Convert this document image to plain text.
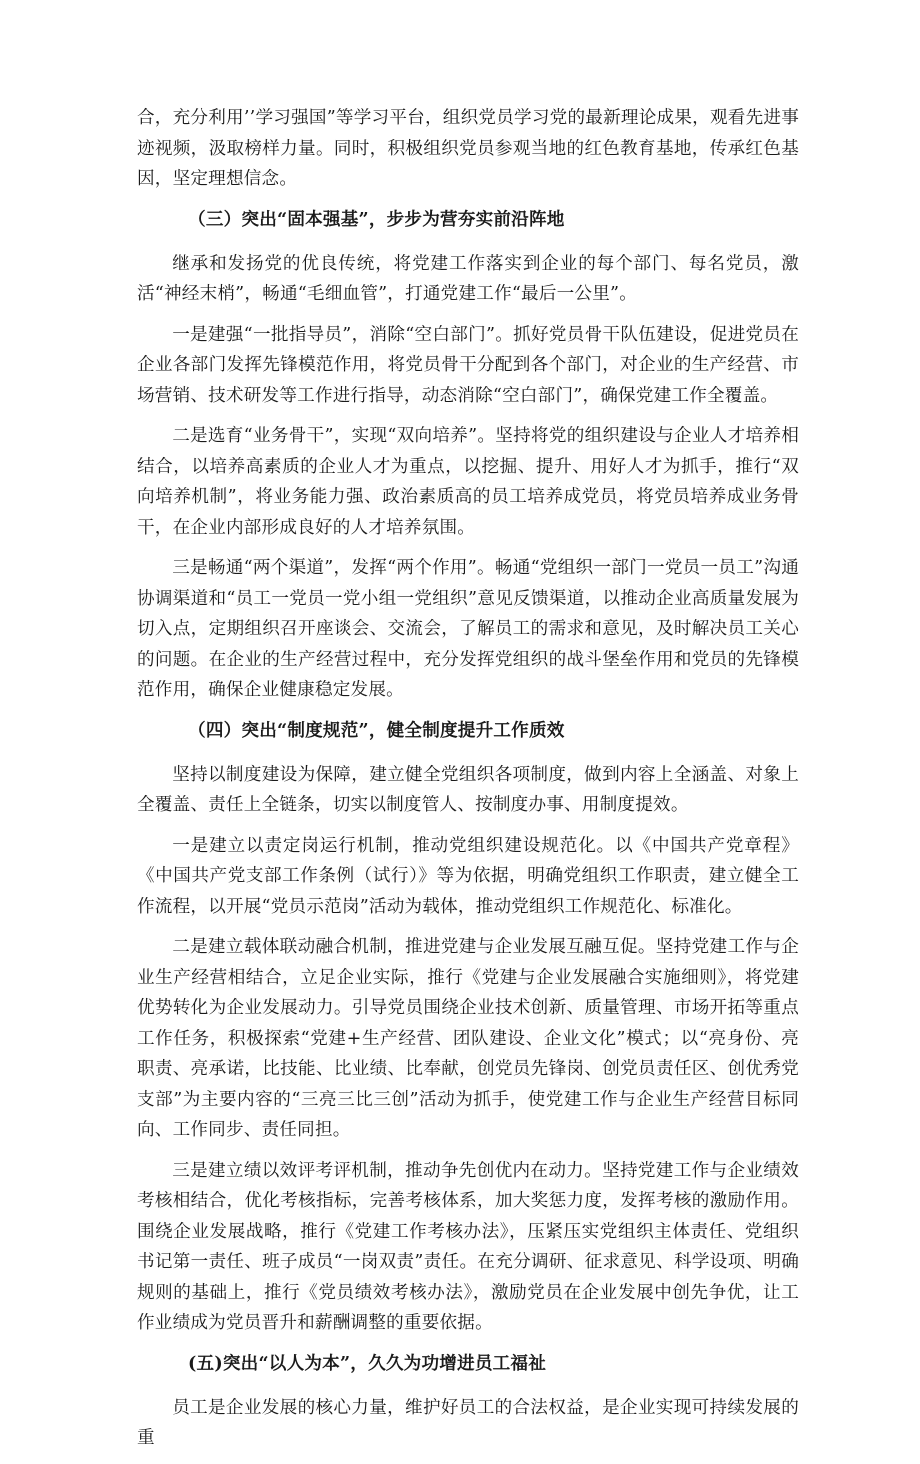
合，充分利用’’学习强国”等学习平台，组织党员学习党的最新理论成果，观看先进事迹视频，汲取榜样力量。同时，积极组织党员参观当地的红色教育基地，传承红色基因，坚定理想信念。

（三）突出“固本强基”，步步为营夯实前沿阵地

继承和发扬党的优良传统，将党建工作落实到企业的每个部门、每名党员，激活“神经末梢”，畅通“毛细血管”，打通党建工作“最后一公里”。

一是建强“一批指导员”，消除“空白部门”。抓好党员骨干队伍建设，促进党员在企业各部门发挥先锋模范作用，将党员骨干分配到各个部门，对企业的生产经营、市场营销、技术研发等工作进行指导，动态消除“空白部门”，确保党建工作全覆盖。

二是选育“业务骨干”，实现“双向培养”。坚持将党的组织建设与企业人才培养相结合，以培养高素质的企业人才为重点，以挖掘、提升、用好人才为抓手，推行“双向培养机制”，将业务能力强、政治素质高的员工培养成党员，将党员培养成业务骨干，在企业内部形成良好的人才培养氛围。

三是畅通“两个渠道”，发挥“两个作用”。畅通“党组织一部门一党员一员工”沟通协调渠道和“员工一党员一党小组一党组织”意见反馈渠道，以推动企业高质量发展为切入点，定期组织召开座谈会、交流会，了解员工的需求和意见，及时解决员工关心的问题。在企业的生产经营过程中，充分发挥党组织的战斗堡垒作用和党员的先锋模范作用，确保企业健康稳定发展。

（四）突出“制度规范”，健全制度提升工作质效

坚持以制度建设为保障，建立健全党组织各项制度，做到内容上全涵盖、对象上全覆盖、责任上全链条，切实以制度管人、按制度办事、用制度提效。

一是建立以责定岗运行机制，推动党组织建设规范化。以《中国共产党章程》《中国共产党支部工作条例（试行）》等为依据，明确党组织工作职责，建立健全工作流程，以开展“党员示范岗”活动为载体，推动党组织工作规范化、标准化。

二是建立载体联动融合机制，推进党建与企业发展互融互促。坚持党建工作与企业生产经营相结合，立足企业实际，推行《党建与企业发展融合实施细则》，将党建优势转化为企业发展动力。引导党员围绕企业技术创新、质量管理、市场开拓等重点工作任务，积极探索“党建+生产经营、团队建设、企业文化”模式；以“亮身份、亮职责、亮承诺，比技能、比业绩、比奉献，创党员先锋岗、创党员责任区、创优秀党支部”为主要内容的“三亮三比三创”活动为抓手，使党建工作与企业生产经营目标同向、工作同步、责任同担。

三是建立绩以效评考评机制，推动争先创优内在动力。坚持党建工作与企业绩效考核相结合，优化考核指标，完善考核体系，加大奖惩力度，发挥考核的激励作用。围绕企业发展战略，推行《党建工作考核办法》，压紧压实党组织主体责任、党组织书记第一责任、班子成员“一岗双责”责任。在充分调研、征求意见、科学设项、明确规则的基础上，推行《党员绩效考核办法》，激励党员在企业发展中创先争优，让工作业绩成为党员晋升和薪酬调整的重要依据。

(五)突出“以人为本”，久久为功增进员工福祉

员工是企业发展的核心力量，维护好员工的合法权益，是企业实现可持续发展的重
